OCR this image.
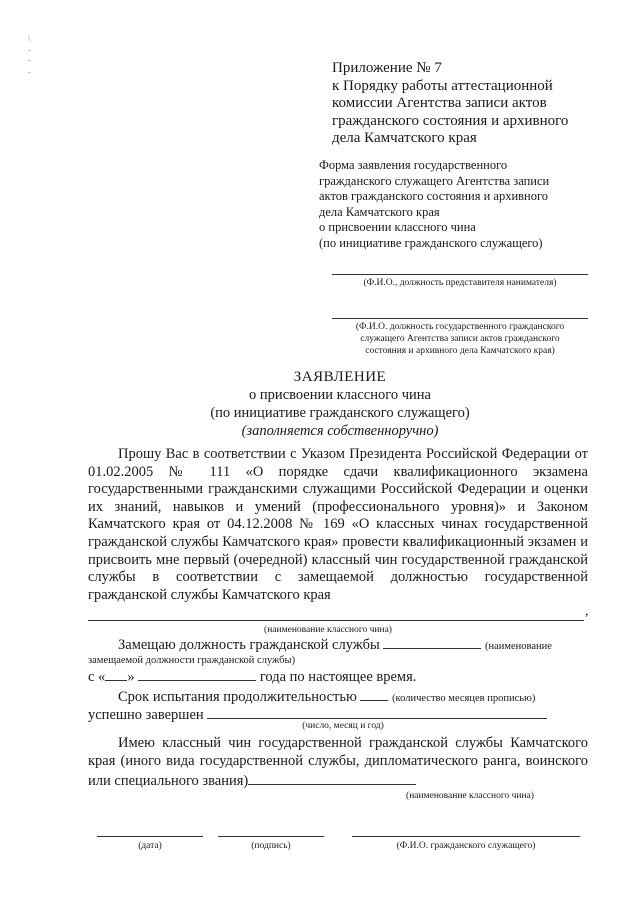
\
-
-
-	Приложение № 7
к Порядку работы аттестационной
комиссии Агентства записи актов
гражданского состояния и архивного
дела Камчатского края
Форма заявления государственного
гражданского служащего Агентства записи
актов гражданского состояния и архивного
дела Камчатского края
о присвоении классного чина
(по инициативе гражданского служащего)
(Ф.И.О., должность представителя нанимателя)
(Ф.И.О. должность государственного гражданского
служащего Агентства записи актов гражданского
состояния и архивного дела Камчатского края)
ЗАЯВЛЕНИЕ
о присвоении классного чина
(по инициативе гражданского служащего)
(заполняется собственноручно)
Прошу Вас в соответствии с Указом Президента Российской Федерации от 01.02.2005 № 111 «О порядке сдачи квалификационного экзамена государственными гражданскими служащими Российской Федерации и оценки их знаний, навыков и умений (профессионального уровня)» и Законом Камчатского края от 04.12.2008 № 169 «О классных чинах государственной гражданской службы Камчатского края» провести квалификационный экзамен и присвоить мне первый (очередной) классный чин государственной гражданской службы в соответствии с замещаемой должностью государственной гражданской службы Камчатского края
,
(наименование классного чина)
Замещаю должность гражданской службы	(наименование
замещаемой должности гражданской службы)
с « »	года по настоящее время.
Срок испытания продолжительностью	(количество месяцев прописью)
успешно завершен
(число, месяц и год)
Имею классный чин государственной гражданской службы Камчатского края (иного вида государственной службы, дипломатического ранга, воинского или специального звания)
(наименование классного чина)
(дата)	(подпись)	(Ф.И.О. гражданского служащего)
